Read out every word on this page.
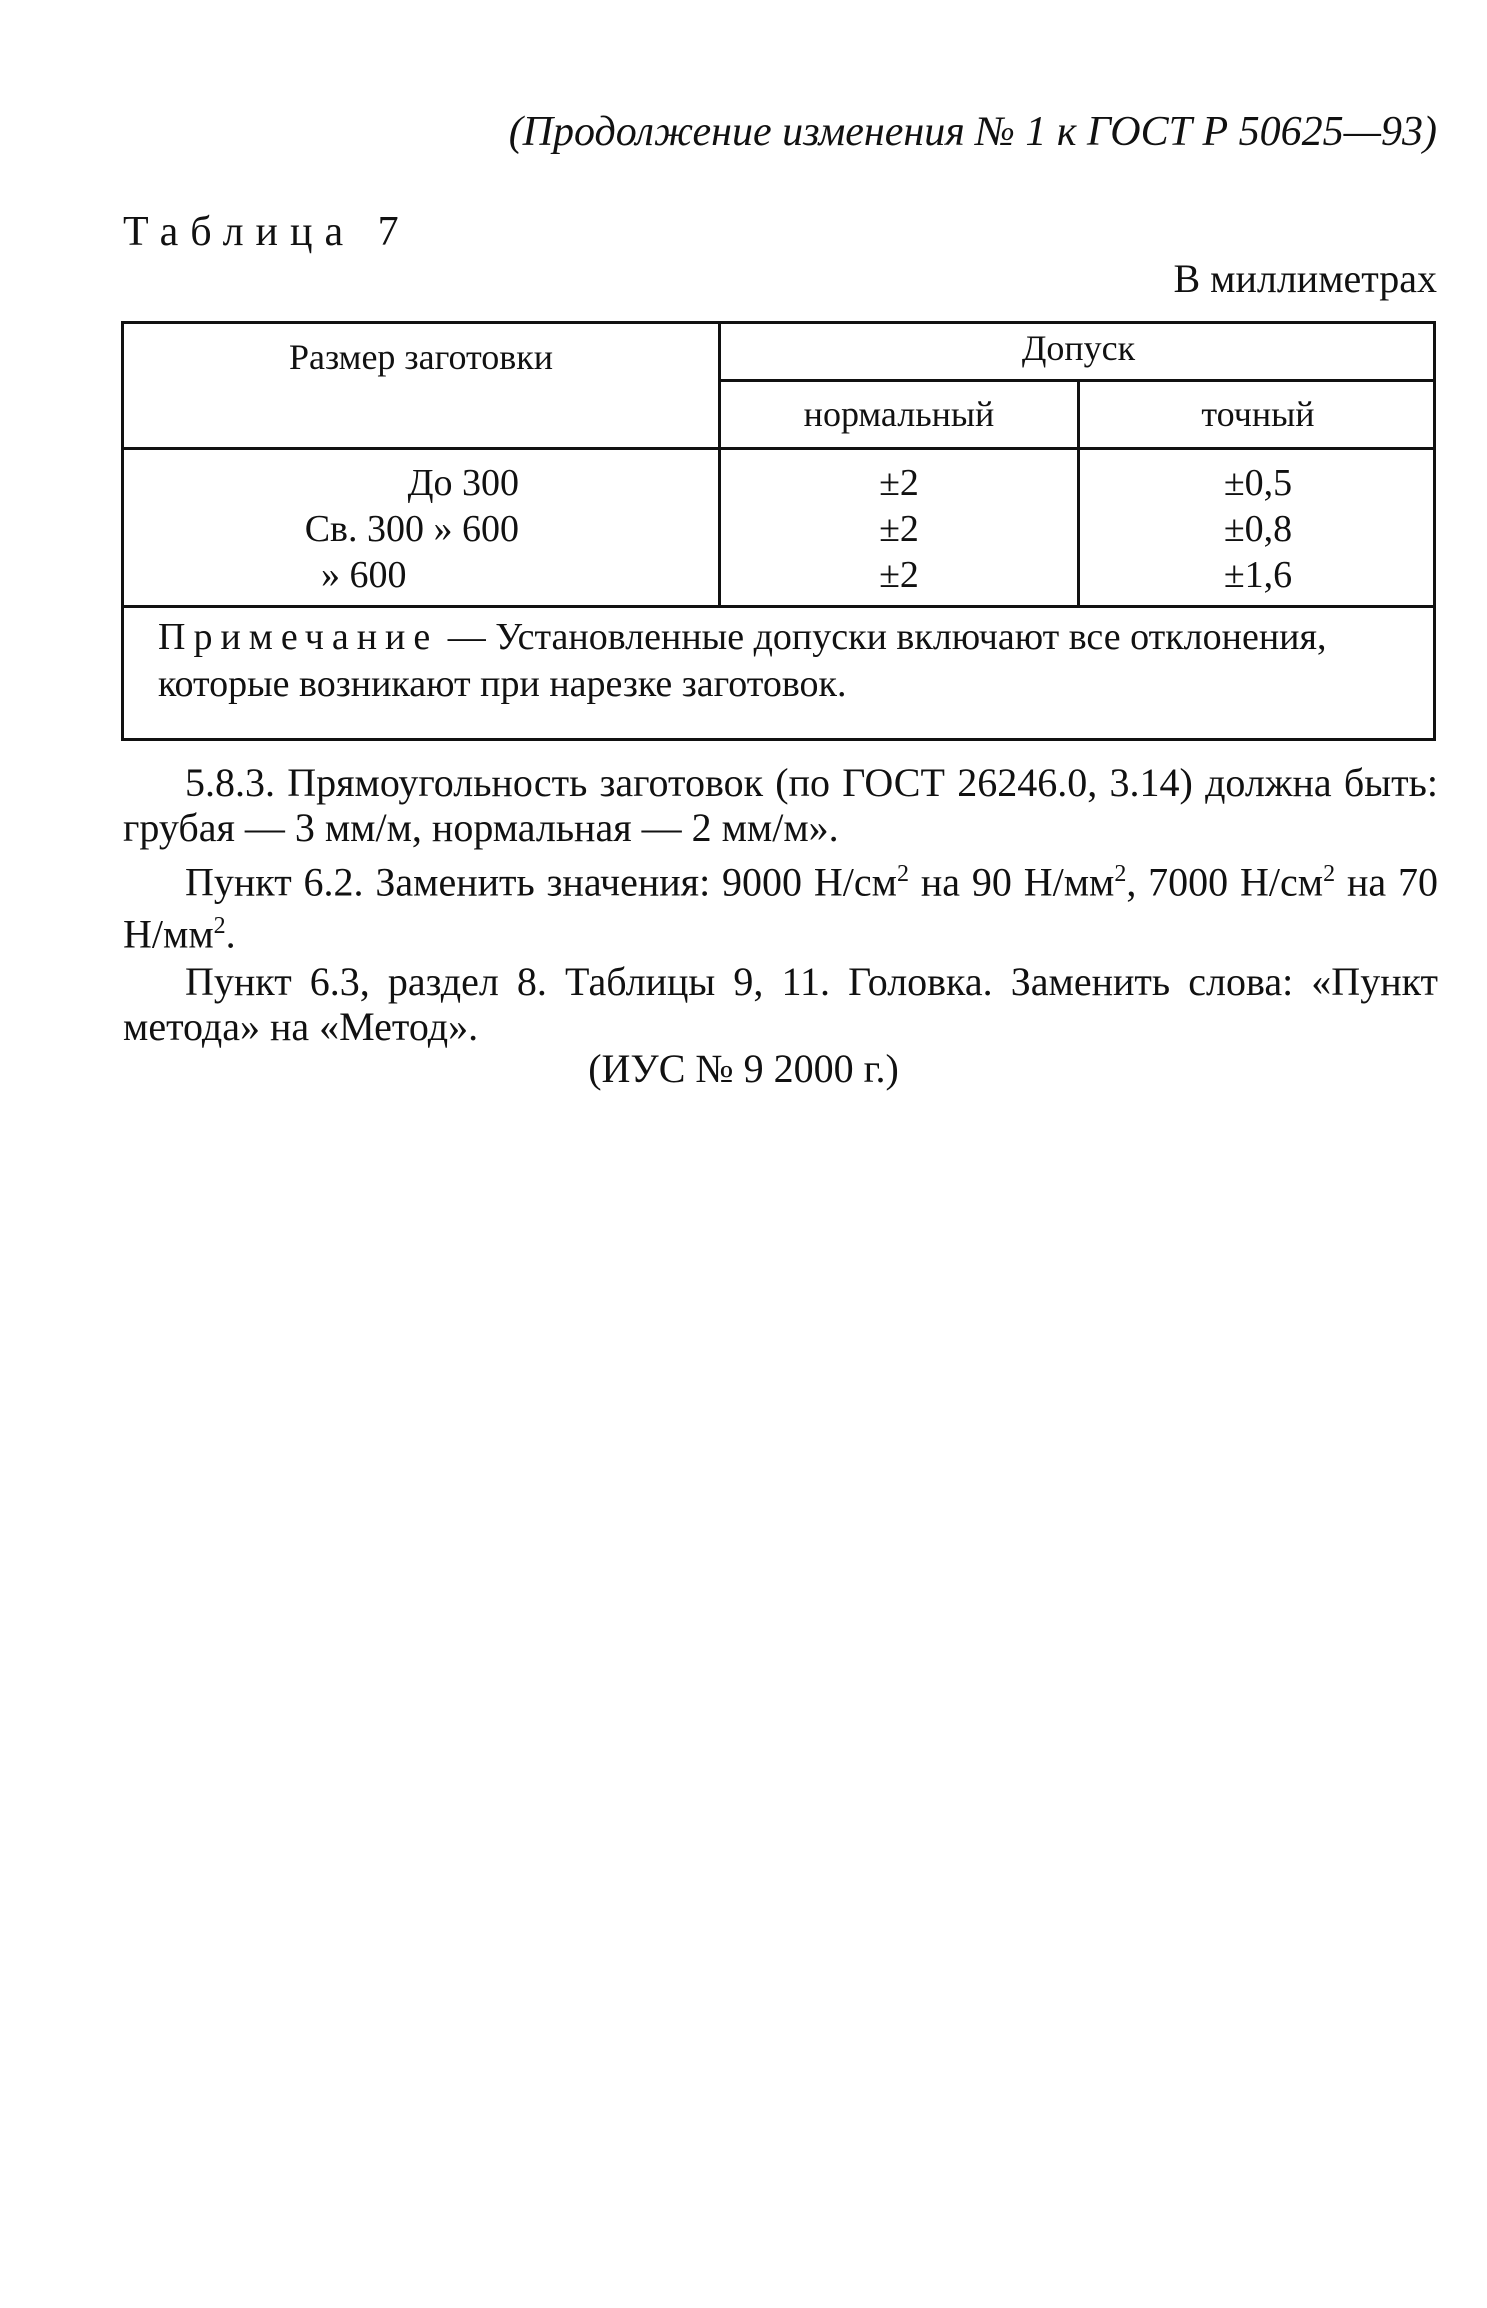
(Продолжение изменения № 1 к ГОСТ Р 50625—93)
Таблица 7
В миллиметрах
Размер заготовки	Допуск
нормальный	точный
До 300
Св. 300 » 600
» 600
±2
±2
±2
±0,5
±0,8
±1,6
Примечание — Установленные допуски включают все отклонения, которые возникают при нарезке заготовок.

5.8.3. Прямоугольность заготовок (по ГОСТ 26246.0, 3.14) должна быть: грубая — 3 мм/м, нормальная — 2 мм/м».

Пункт 6.2. Заменить значения: 9000 $Н/см^2$ на 90 $Н/мм^2$, 7000 $Н/см^2$ на 70 $Н/мм^2$.

Пункт 6.3, раздел 8. Таблицы 9, 11. Головка. Заменить слова: «Пункт метода» на «Метод».

(ИУС № 9 2000 г.)
